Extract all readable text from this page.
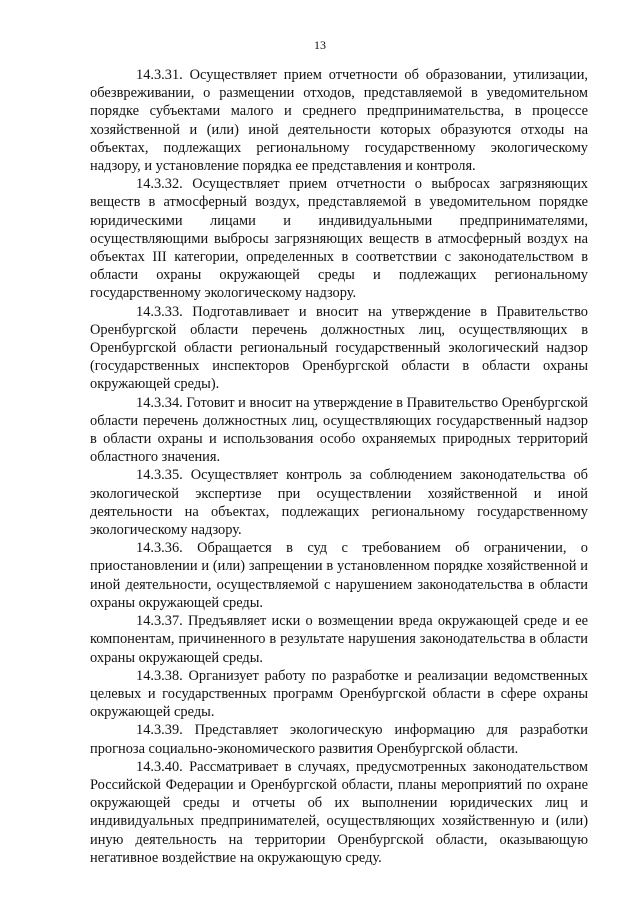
13

14.3.31. Осуществляет прием отчетности об образовании, утилизации, обезвреживании, о размещении отходов, представляемой в уведомительном порядке субъектами малого и среднего предпринимательства, в процессе хозяйственной и (или) иной деятельности которых образуются отходы на объектах, подлежащих региональному государственному экологическому надзору, и установление порядка ее представления и контроля.

14.3.32. Осуществляет прием отчетности о выбросах загрязняющих веществ в атмосферный воздух, представляемой в уведомительном порядке юридическими лицами и индивидуальными предпринимателями, осуществляющими выбросы загрязняющих веществ в атмосферный воздух на объектах III категории, определенных в соответствии с законодательством в области охраны окружающей среды и подлежащих региональному государственному экологическому надзору.

14.3.33. Подготавливает и вносит на утверждение в Правительство Оренбургской области перечень должностных лиц, осуществляющих в Оренбургской области региональный государственный экологический надзор (государственных инспекторов Оренбургской области в области охраны окружающей среды).

14.3.34. Готовит и вносит на утверждение в Правительство Оренбургской области перечень должностных лиц, осуществляющих государственный надзор в области охраны и использования особо охраняемых природных территорий областного значения.

14.3.35. Осуществляет контроль за соблюдением законодательства об экологической экспертизе при осуществлении хозяйственной и иной деятельности на объектах, подлежащих региональному государственному экологическому надзору.

14.3.36. Обращается в суд с требованием об ограничении, о приостановлении и (или) запрещении в установленном порядке хозяйственной и иной деятельности, осуществляемой с нарушением законодательства в области охраны окружающей среды.

14.3.37. Предъявляет иски о возмещении вреда окружающей среде и ее компонентам, причиненного в результате нарушения законодательства в области охраны окружающей среды.

14.3.38. Организует работу по разработке и реализации ведомственных целевых и государственных программ Оренбургской области в сфере охраны окружающей среды.

14.3.39. Представляет экологическую информацию для разработки прогноза социально-экономического развития Оренбургской области.

14.3.40. Рассматривает в случаях, предусмотренных законодательством Российской Федерации и Оренбургской области, планы мероприятий по охране окружающей среды и отчеты об их выполнении юридических лиц и индивидуальных предпринимателей, осуществляющих хозяйственную и (или) иную деятельность на территории Оренбургской области, оказывающую негативное воздействие на окружающую среду.
